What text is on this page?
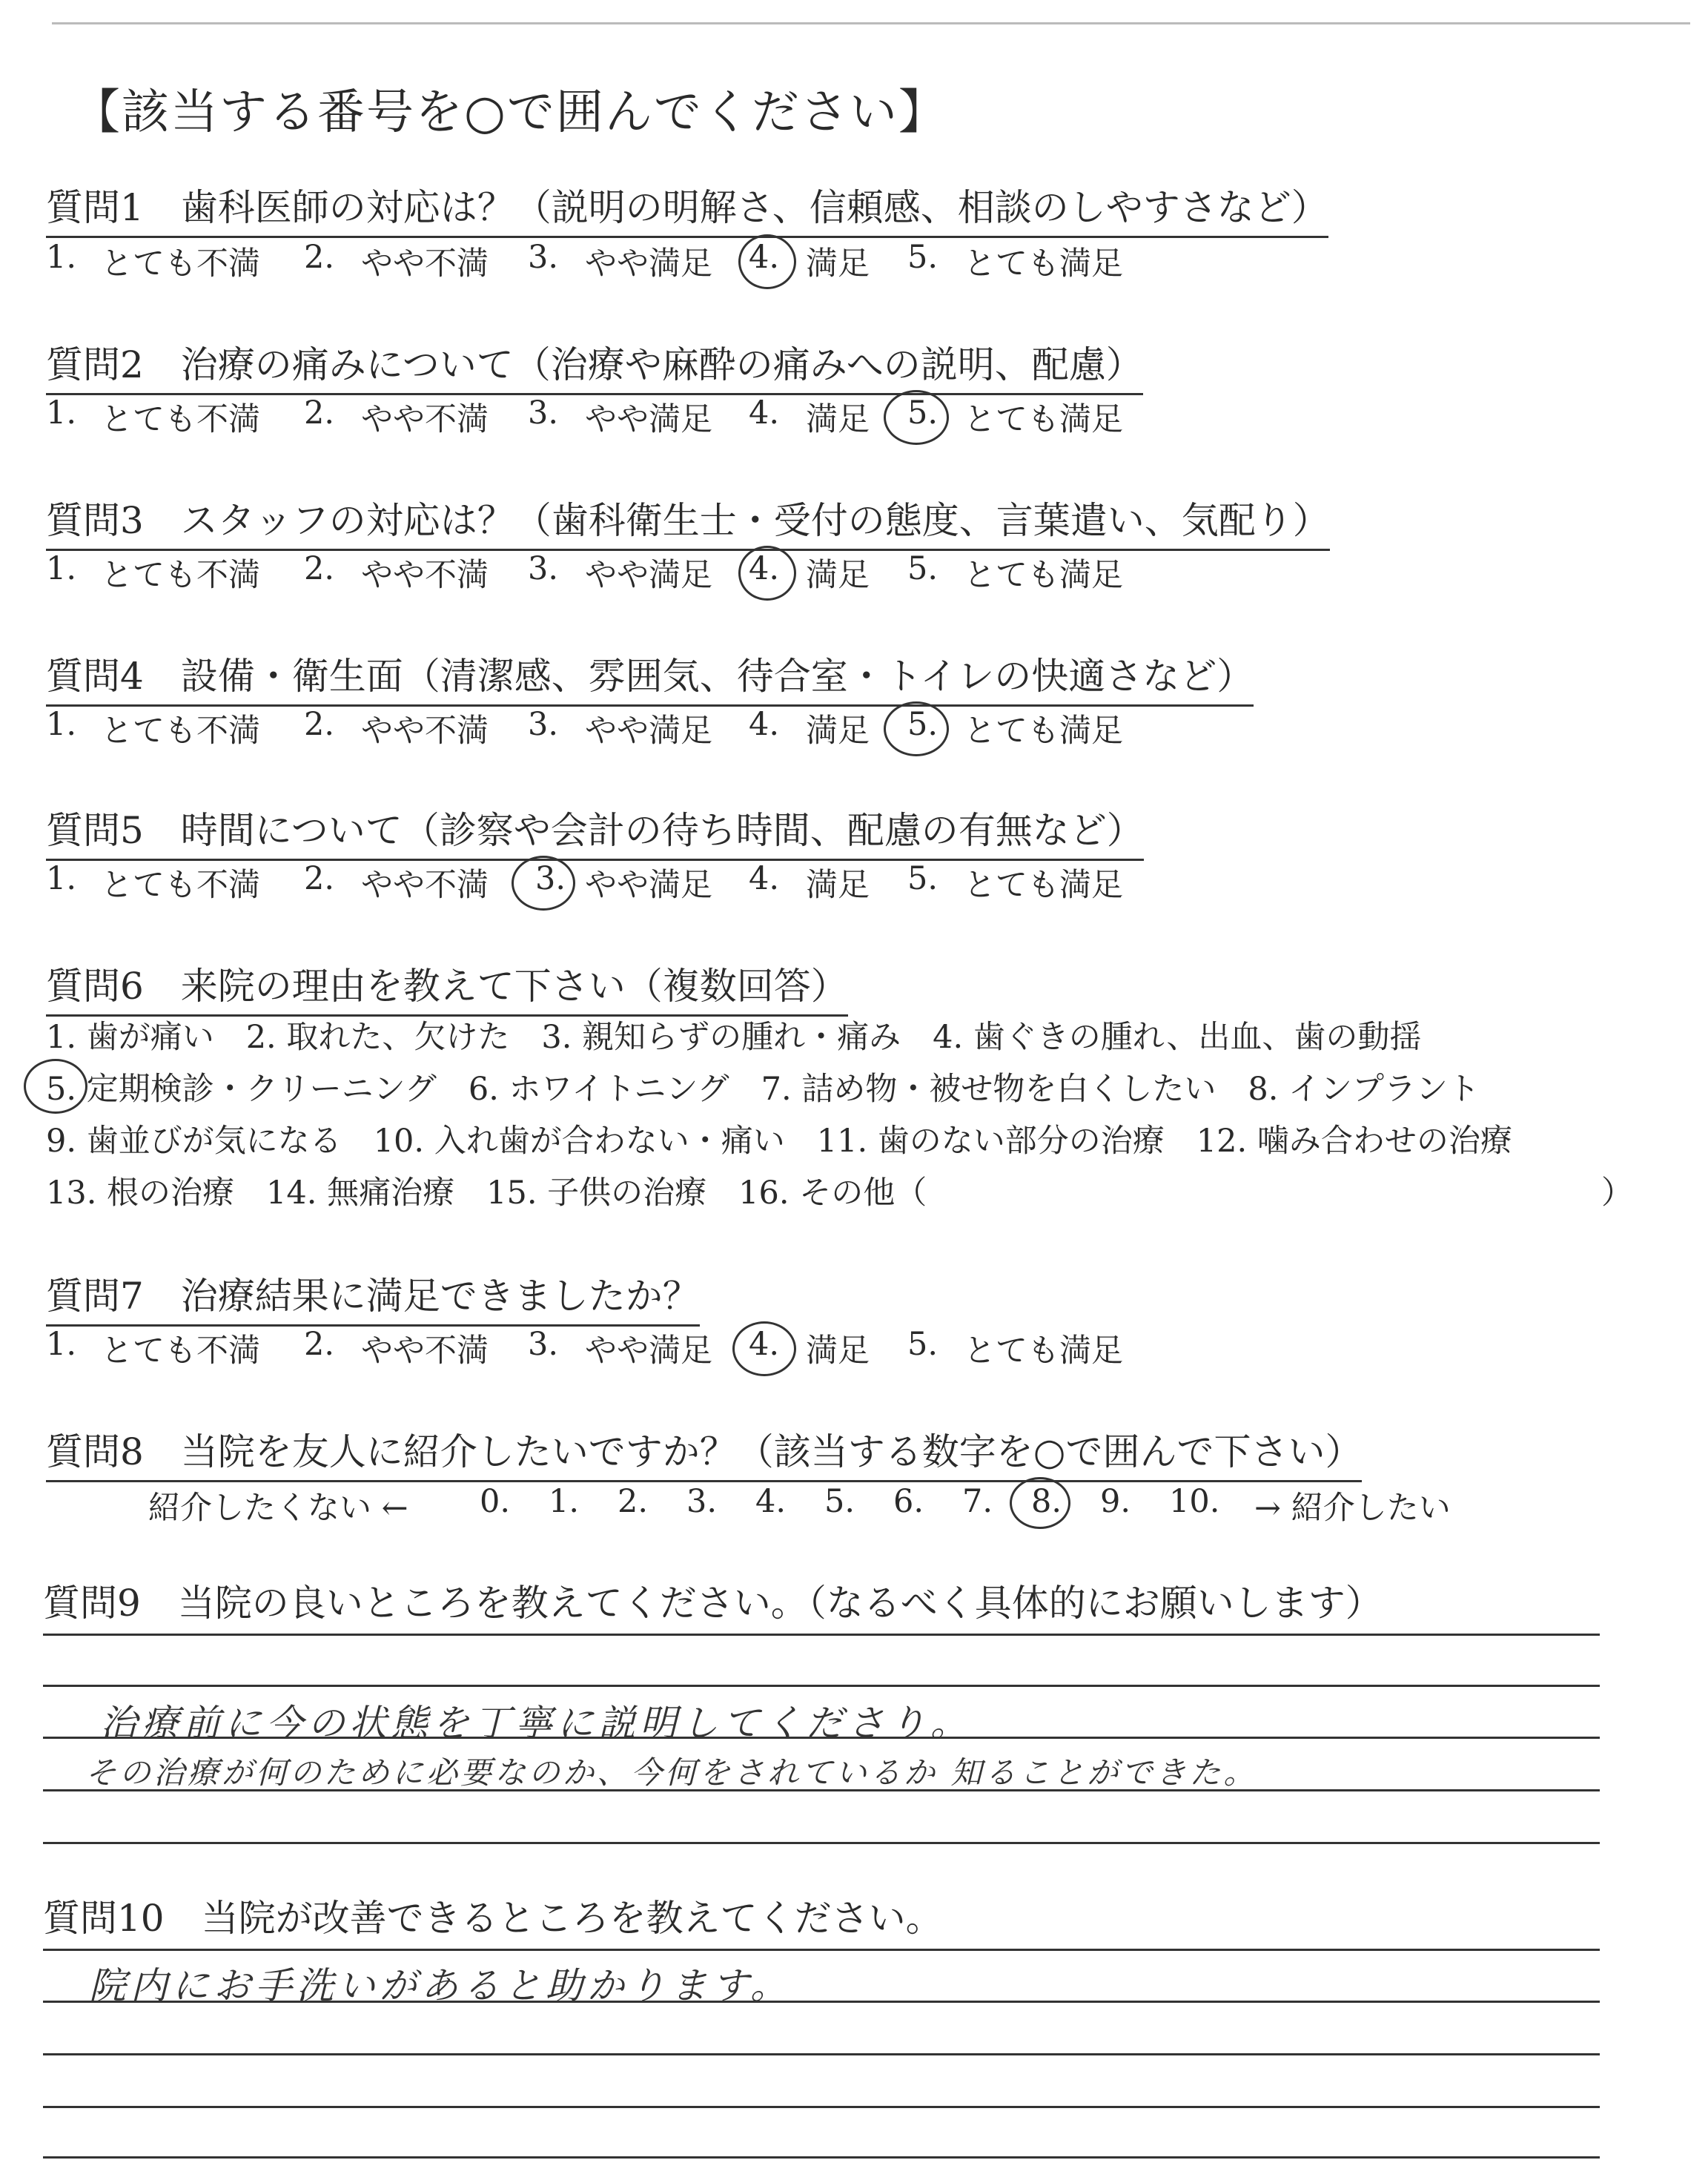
【該当する番号を○で囲んでください】
質問1　歯科医師の対応は？（説明の明解さ、信頼感、相談のしやすさなど）
1. とても不満 2. やや不満 3. やや満足 4. 満足 5. とても満足
質問2　治療の痛みについて（治療や麻酔の痛みへの説明、配慮）
1. とても不満 2. やや不満 3. やや満足 4. 満足 5. とても満足
質問3　スタッフの対応は？（歯科衛生士・受付の態度、言葉遣い、気配り）
1. とても不満 2. やや不満 3. やや満足 4. 満足 5. とても満足
質問4　設備・衛生面（清潔感、雰囲気、待合室・トイレの快適さなど）
1. とても不満 2. やや不満 3. やや満足 4. 満足 5. とても満足
質問5　時間について（診察や会計の待ち時間、配慮の有無など）
1. とても不満 2. やや不満 3. やや満足 4. 満足 5. とても満足
質問6　来院の理由を教えて下さい（複数回答）
1. 歯が痛い　2. 取れた、欠けた　3. 親知らずの腫れ・痛み　4. 歯ぐきの腫れ、出血、歯の動揺
5. 定期検診・クリーニング　6. ホワイトニング　7. 詰め物・被せ物を白くしたい　8. インプラント
9. 歯並びが気になる　10. 入れ歯が合わない・痛い　11. 歯のない部分の治療　12. 噛み合わせの治療
13. 根の治療　14. 無痛治療　15. 子供の治療　16. その他（	）
質問7　治療結果に満足できましたか？
1. とても不満 2. やや不満 3. やや満足 4. 満足 5. とても満足
質問8　当院を友人に紹介したいですか？（該当する数字を○で囲んで下さい）
紹介したくない ← 0. 1. 2. 3. 4. 5. 6. 7. 8. 9. 10. → 紹介したい
質問9　当院の良いところを教えてください。（なるべく具体的にお願いします）
治療前に今の状態を丁寧に説明してくださり。
その治療が何のために必要なのか、今何をされているか 知ることができた。
質問10　当院が改善できるところを教えてください。
院内にお手洗いがあると助かります。
